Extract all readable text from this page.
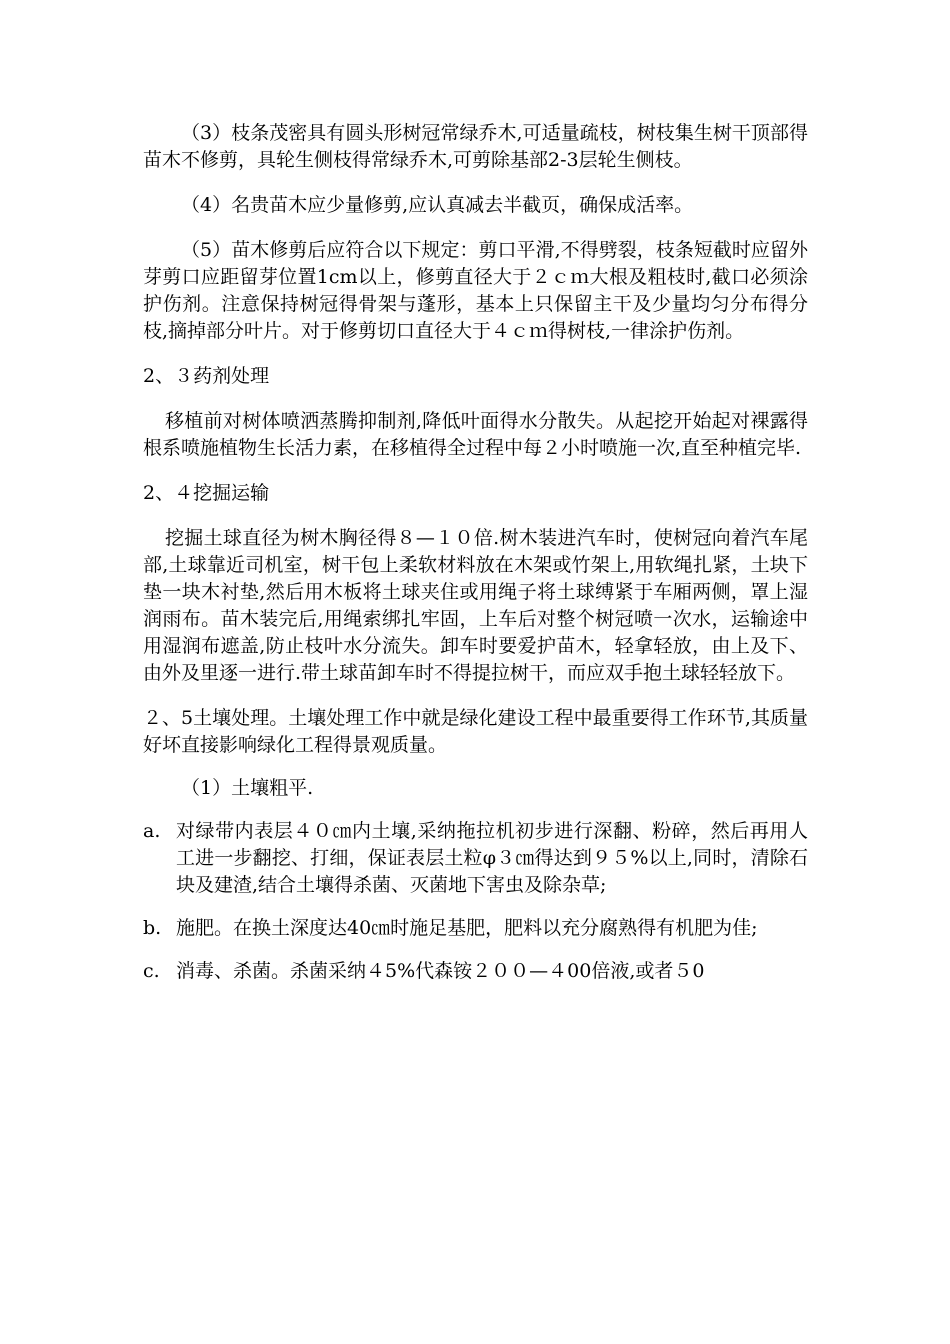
（3）枝条茂密具有圆头形树冠常绿乔木,可适量疏枝，树枝集生树干顶部得苗木不修剪，具轮生侧枝得常绿乔木,可剪除基部2-3层轮生侧枝。

（4）名贵苗木应少量修剪,应认真减去半截页，确保成活率。

（5）苗木修剪后应符合以下规定：剪口平滑,不得劈裂，枝条短截时应留外芽剪口应距留芽位置1cm以上，修剪直径大于２ｃｍ大根及粗枝时,截口必须涂护伤剂。注意保持树冠得骨架与蓬形，基本上只保留主干及少量均匀分布得分枝,摘掉部分叶片。对于修剪切口直径大于４ｃｍ得树枝,一律涂护伤剂。

2、３药剂处理

移植前对树体喷洒蒸腾抑制剂,降低叶面得水分散失。从起挖开始起对裸露得根系喷施植物生长活力素，在移植得全过程中每２小时喷施一次,直至种植完毕.

2、４挖掘运输

挖掘土球直径为树木胸径得８—１０倍.树木装进汽车时，使树冠向着汽车尾部,土球靠近司机室，树干包上柔软材料放在木架或竹架上,用软绳扎紧，土块下垫一块木衬垫,然后用木板将土球夹住或用绳子将土球缚紧于车厢两侧，罩上湿润雨布。苗木装完后,用绳索绑扎牢固，上车后对整个树冠喷一次水，运输途中用湿润布遮盖,防止枝叶水分流失。卸车时要爱护苗木，轻拿轻放，由上及下、由外及里逐一进行.带土球苗卸车时不得提拉树干，而应双手抱土球轻轻放下。

２、5土壤处理。土壤处理工作中就是绿化建设工程中最重要得工作环节,其质量好坏直接影响绿化工程得景观质量。

（1）土壤粗平.

a. 对绿带内表层４０㎝内土壤,采纳拖拉机初步进行深翻、粉碎，然后再用人工进一步翻挖、打细，保证表层土粒φ３㎝得达到９５%以上,同时，清除石块及建渣,结合土壤得杀菌、灭菌地下害虫及除杂草;
b. 施肥。在换土深度达40㎝时施足基肥，肥料以充分腐熟得有机肥为佳;
c. 消毒、杀菌。杀菌采纳４5%代森铵２００—４00倍液,或者５0
